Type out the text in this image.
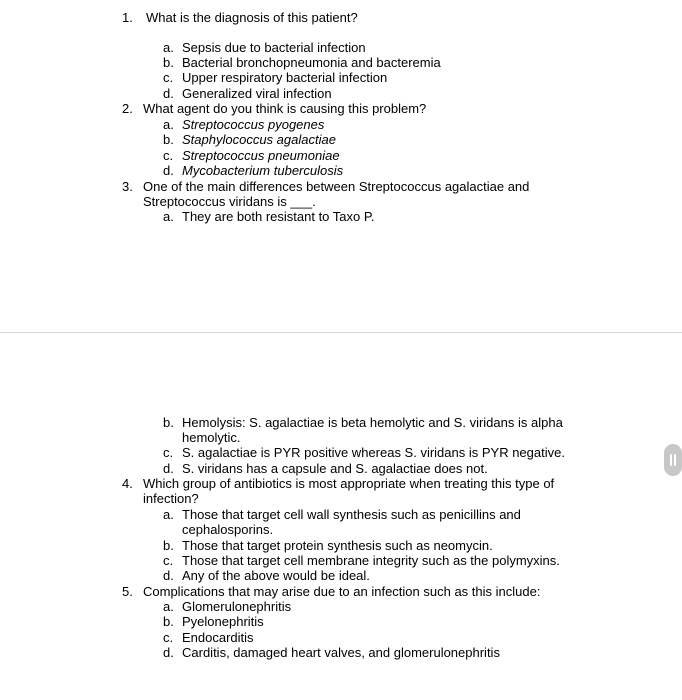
1. What is the diagnosis of this patient?
a. Sepsis due to bacterial infection
b. Bacterial bronchopneumonia and bacteremia
c. Upper respiratory bacterial infection
d. Generalized viral infection
2. What agent do you think is causing this problem?
a. Streptococcus pyogenes
b. Staphylococcus agalactiae
c. Streptococcus pneumoniae
d. Mycobacterium tuberculosis
3. One of the main differences between Streptococcus agalactiae and
Streptococcus viridans is ___.
a. They are both resistant to Taxo P.
b. Hemolysis: S. agalactiae is beta hemolytic and S. viridans is alpha
hemolytic.
c. S. agalactiae is PYR positive whereas S. viridans is PYR negative.
d. S. viridans has a capsule and S. agalactiae does not.
4. Which group of antibiotics is most appropriate when treating this type of
infection?
a. Those that target cell wall synthesis such as penicillins and
cephalosporins.
b. Those that target protein synthesis such as neomycin.
c. Those that target cell membrane integrity such as the polymyxins.
d. Any of the above would be ideal.
5. Complications that may arise due to an infection such as this include:
a. Glomerulonephritis
b. Pyelonephritis
c. Endocarditis
d. Carditis, damaged heart valves, and glomerulonephritis
